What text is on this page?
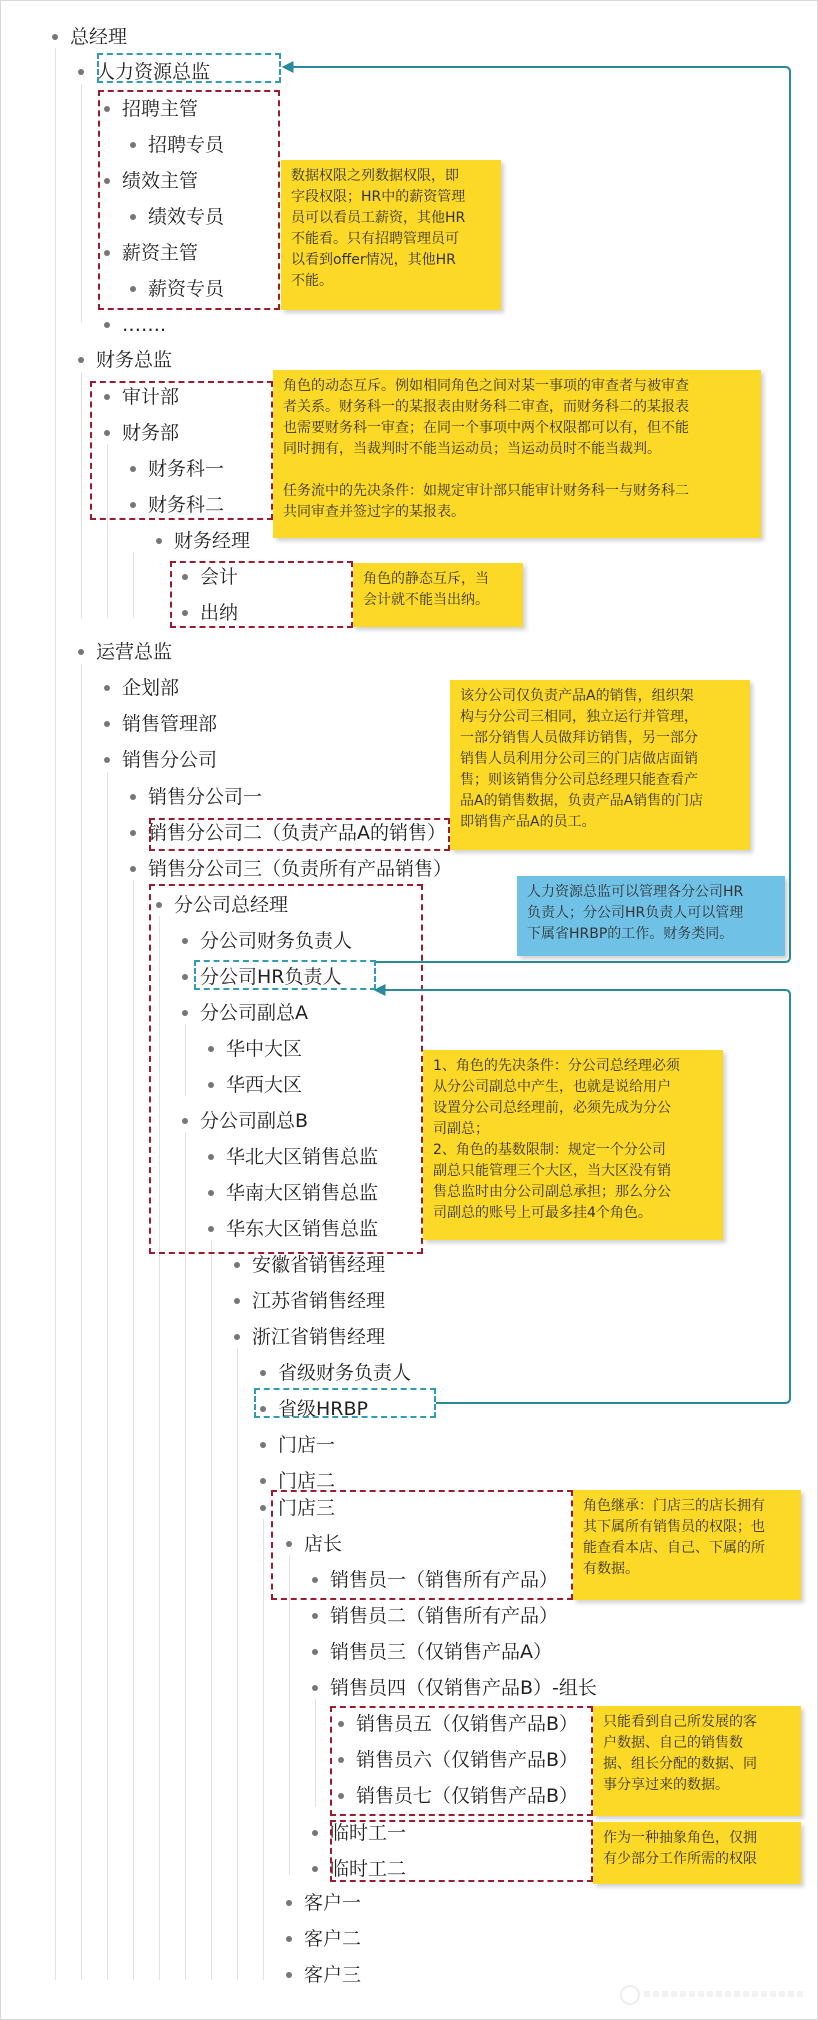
总经理
人力资源总监
招聘主管
招聘专员
绩效主管
绩效专员
薪资主管
薪资专员
…….
财务总监
审计部
财务部
财务科一
财务科二
财务经理
会计
出纳
运营总监
企划部
销售管理部
销售分公司
销售分公司一
销售分公司二（负责产品A的销售）
销售分公司三（负责所有产品销售）
分公司总经理
分公司财务负责人
分公司HR负责人
分公司副总A
华中大区
华西大区
分公司副总B
华北大区销售总监
华南大区销售总监
华东大区销售总监
安徽省销售经理
江苏省销售经理
浙江省销售经理
省级财务负责人
省级HRBP
门店一
门店二
门店三
店长
销售员一（销售所有产品）
销售员二（销售所有产品）
销售员三（仅销售产品A）
销售员四（仅销售产品B）-组长
销售员五（仅销售产品B）
销售员六（仅销售产品B）
销售员七（仅销售产品B）
临时工一
临时工二
客户一
客户二
客户三
数据权限之列数据权限，即
字段权限；HR中的薪资管理
员可以看员工薪资，其他HR
不能看。只有招聘管理员可
以看到offer情况，其他HR
不能。
角色的动态互斥。例如相同角色之间对某一事项的审查者与被审查
者关系。财务科一的某报表由财务科二审查，而财务科二的某报表
也需要财务科一审查；在同一个事项中两个权限都可以有，但不能
同时拥有，当裁判时不能当运动员；当运动员时不能当裁判。

任务流中的先决条件：如规定审计部只能审计财务科一与财务科二
共同审查并签过字的某报表。
角色的静态互斥，当
会计就不能当出纳。
该分公司仅负责产品A的销售，组织架
构与分公司三相同，独立运行并管理，
一部分销售人员做拜访销售，另一部分
销售人员利用分公司三的门店做店面销
售；则该销售分公司总经理只能查看产
品A的销售数据，负责产品A销售的门店
即销售产品A的员工。
人力资源总监可以管理各分公司HR
负责人；分公司HR负责人可以管理
下属省HRBP的工作。财务类同。
1、角色的先决条件：分公司总经理必须
从分公司副总中产生，也就是说给用户
设置分公司总经理前，必须先成为分公
司副总；
2、角色的基数限制：规定一个分公司
副总只能管理三个大区，当大区没有销
售总监时由分公司副总承担；那么分公
司副总的账号上可最多挂4个角色。
角色继承：门店三的店长拥有
其下属所有销售员的权限；也
能查看本店、自己、下属的所
有数据。
只能看到自己所发展的客
户数据、自己的销售数
据、组长分配的数据、同
事分享过来的数据。
作为一种抽象角色，仅拥
有少部分工作所需的权限
